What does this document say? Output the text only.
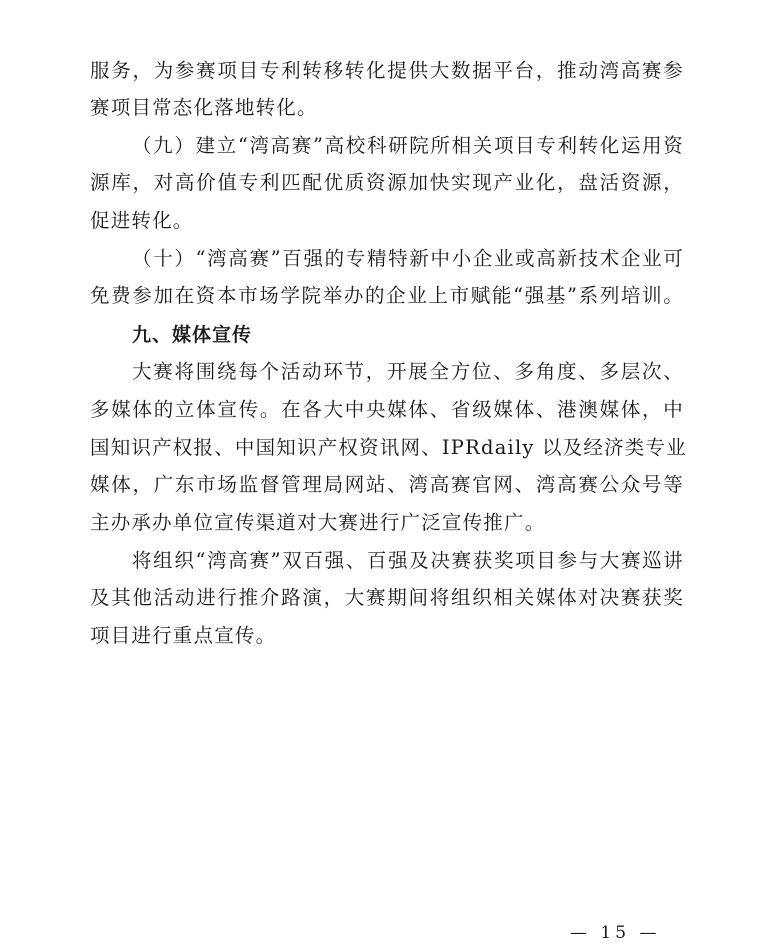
服务，为参赛项目专利转移转化提供大数据平台，推动湾高赛参
赛项目常态化落地转化。
（九）建立“湾高赛”高校科研院所相关项目专利转化运用资
源库，对高价值专利匹配优质资源加快实现产业化，盘活资源，
促进转化。
（十）“湾高赛”百强的专精特新中小企业或高新技术企业可
免费参加在资本市场学院举办的企业上市赋能“强基”系列培训。
九、媒体宣传
大赛将围绕每个活动环节，开展全方位、多角度、多层次、
多媒体的立体宣传。在各大中央媒体、省级媒体、港澳媒体，中
国知识产权报、中国知识产权资讯网、IPRdaily 以及经济类专业
媒体，广东市场监督管理局网站、湾高赛官网、湾高赛公众号等
主办承办单位宣传渠道对大赛进行广泛宣传推广。
将组织“湾高赛”双百强、百强及决赛获奖项目参与大赛巡讲
及其他活动进行推介路演，大赛期间将组织相关媒体对决赛获奖
项目进行重点宣传。
— 15 —
